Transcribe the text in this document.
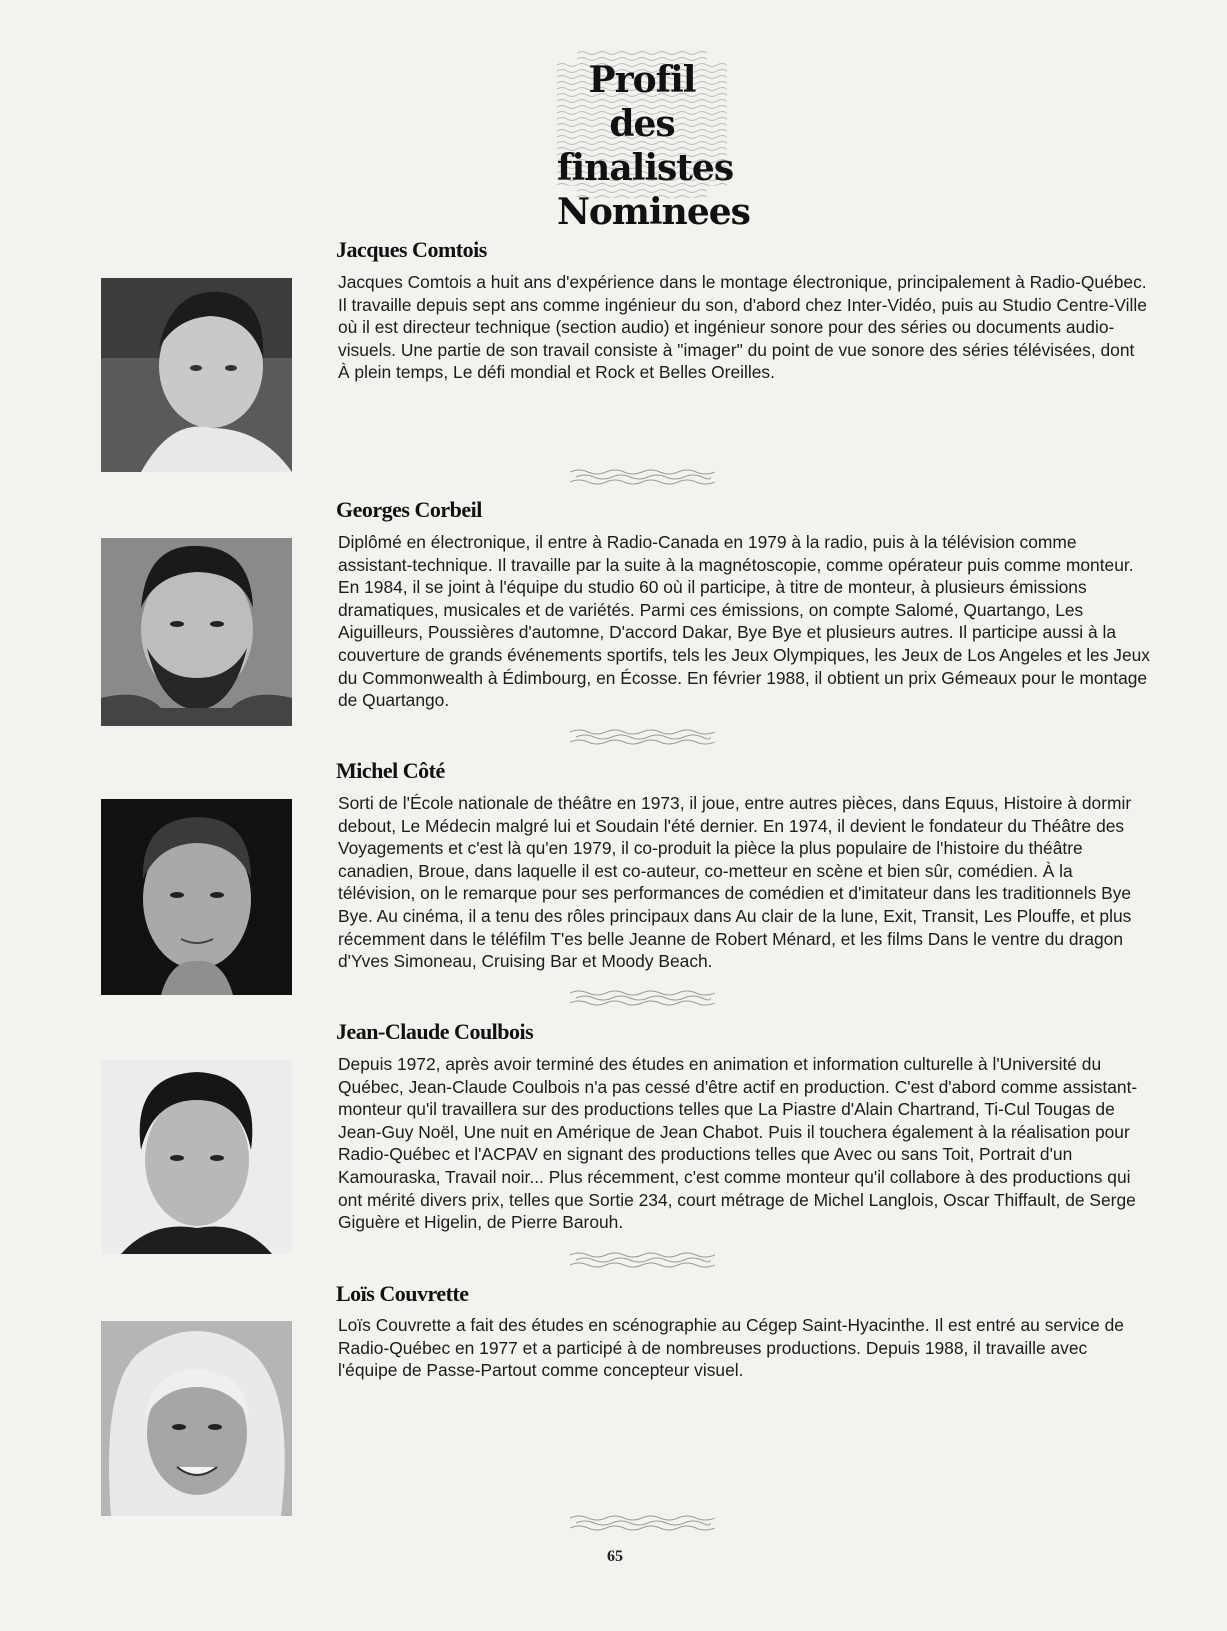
Profil
des finalistes
Nominees
Jacques Comtois
Jacques Comtois a huit ans d'expérience dans le montage électronique, principalement à Radio-Québec. Il travaille depuis sept ans comme ingénieur du son, d'abord chez Inter-Vidéo, puis au Studio Centre-Ville où il est directeur technique (section audio) et ingénieur sonore pour des séries ou documents audio-visuels. Une partie de son travail consiste à "imager" du point de vue sonore des séries télévisées, dont À plein temps, Le défi mondial et Rock et Belles Oreilles.
Georges Corbeil
Diplômé en électronique, il entre à Radio-Canada en 1979 à la radio, puis à la télévision comme assistant-technique. Il travaille par la suite à la magnétoscopie, comme opérateur puis comme monteur. En 1984, il se joint à l'équipe du studio 60 où il participe, à titre de monteur, à plusieurs émissions dramatiques, musicales et de variétés. Parmi ces émissions, on compte Salomé, Quartango, Les Aiguilleurs, Poussières d'automne, D'accord Dakar, Bye Bye et plusieurs autres. Il participe aussi à la couverture de grands événements sportifs, tels les Jeux Olympiques, les Jeux de Los Angeles et les Jeux du Commonwealth à Édimbourg, en Écosse. En février 1988, il obtient un prix Gémeaux pour le montage de Quartango.
Michel Côté
Sorti de l'École nationale de théâtre en 1973, il joue, entre autres pièces, dans Equus, Histoire à dormir debout, Le Médecin malgré lui et Soudain l'été dernier. En 1974, il devient le fondateur du Théâtre des Voyagements et c'est là qu'en 1979, il co-produit la pièce la plus populaire de l'histoire du théâtre canadien, Broue, dans laquelle il est co-auteur, co-metteur en scène et bien sûr, comédien. À la télévision, on le remarque pour ses performances de comédien et d'imitateur dans les traditionnels Bye Bye. Au cinéma, il a tenu des rôles principaux dans Au clair de la lune, Exit, Transit, Les Plouffe, et plus récemment dans le téléfilm T'es belle Jeanne de Robert Ménard, et les films Dans le ventre du dragon d'Yves Simoneau, Cruising Bar et Moody Beach.
Jean-Claude Coulbois
Depuis 1972, après avoir terminé des études en animation et information culturelle à l'Université du Québec, Jean-Claude Coulbois n'a pas cessé d'être actif en production. C'est d'abord comme assistant-monteur qu'il travaillera sur des productions telles que La Piastre d'Alain Chartrand, Ti-Cul Tougas de Jean-Guy Noël, Une nuit en Amérique de Jean Chabot. Puis il touchera également à la réalisation pour Radio-Québec et l'ACPAV en signant des productions telles que Avec ou sans Toit, Portrait d'un Kamouraska, Travail noir... Plus récemment, c'est comme monteur qu'il collabore à des productions qui ont mérité divers prix, telles que Sortie 234, court métrage de Michel Langlois, Oscar Thiffault, de Serge Giguère et Higelin, de Pierre Barouh.
Loïs Couvrette
Loïs Couvrette a fait des études en scénographie au Cégep Saint-Hyacinthe. Il est entré au service de Radio-Québec en 1977 et a participé à de nombreuses productions. Depuis 1988, il travaille avec l'équipe de Passe-Partout comme concepteur visuel.
65
